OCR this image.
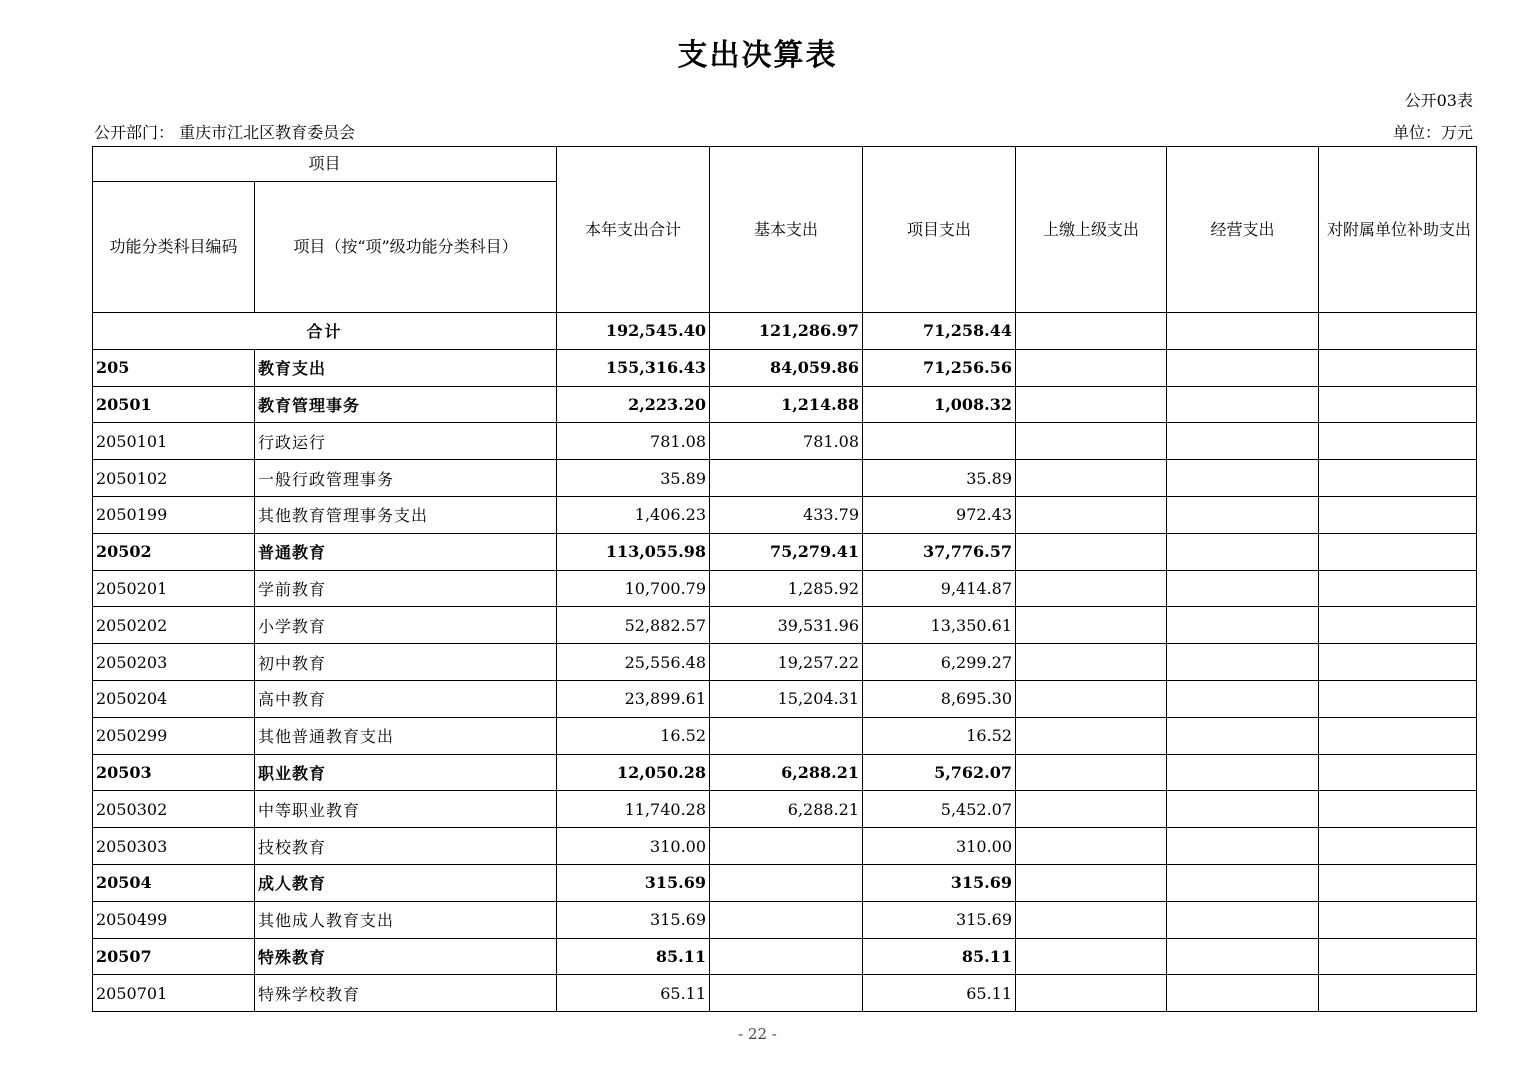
支出决算表
公开03表
公开部门： 重庆市江北区教育委员会	单位：万元
项目		本年支出合计	基本支出	项目支出	上缴上级支出	经营支出	对附属单位补助支出
功能分类科目编码	项目（按“项”级功能分类科目）						
合计		192,545.40	121,286.97	71,258.44			
205	教育支出	155,316.43	84,059.86	71,256.56			
20501	教育管理事务	2,223.20	1,214.88	1,008.32			
2050101	行政运行	781.08	781.08				
2050102	一般行政管理事务	35.89		35.89			
2050199	其他教育管理事务支出	1,406.23	433.79	972.43			
20502	普通教育	113,055.98	75,279.41	37,776.57			
2050201	学前教育	10,700.79	1,285.92	9,414.87			
2050202	小学教育	52,882.57	39,531.96	13,350.61			
2050203	初中教育	25,556.48	19,257.22	6,299.27			
2050204	高中教育	23,899.61	15,204.31	8,695.30			
2050299	其他普通教育支出	16.52		16.52			
20503	职业教育	12,050.28	6,288.21	5,762.07			
2050302	中等职业教育	11,740.28	6,288.21	5,452.07			
2050303	技校教育	310.00		310.00			
20504	成人教育	315.69		315.69			
2050499	其他成人教育支出	315.69		315.69			
20507	特殊教育	85.11		85.11			
2050701	特殊学校教育	65.11		65.11			
- 22 -
